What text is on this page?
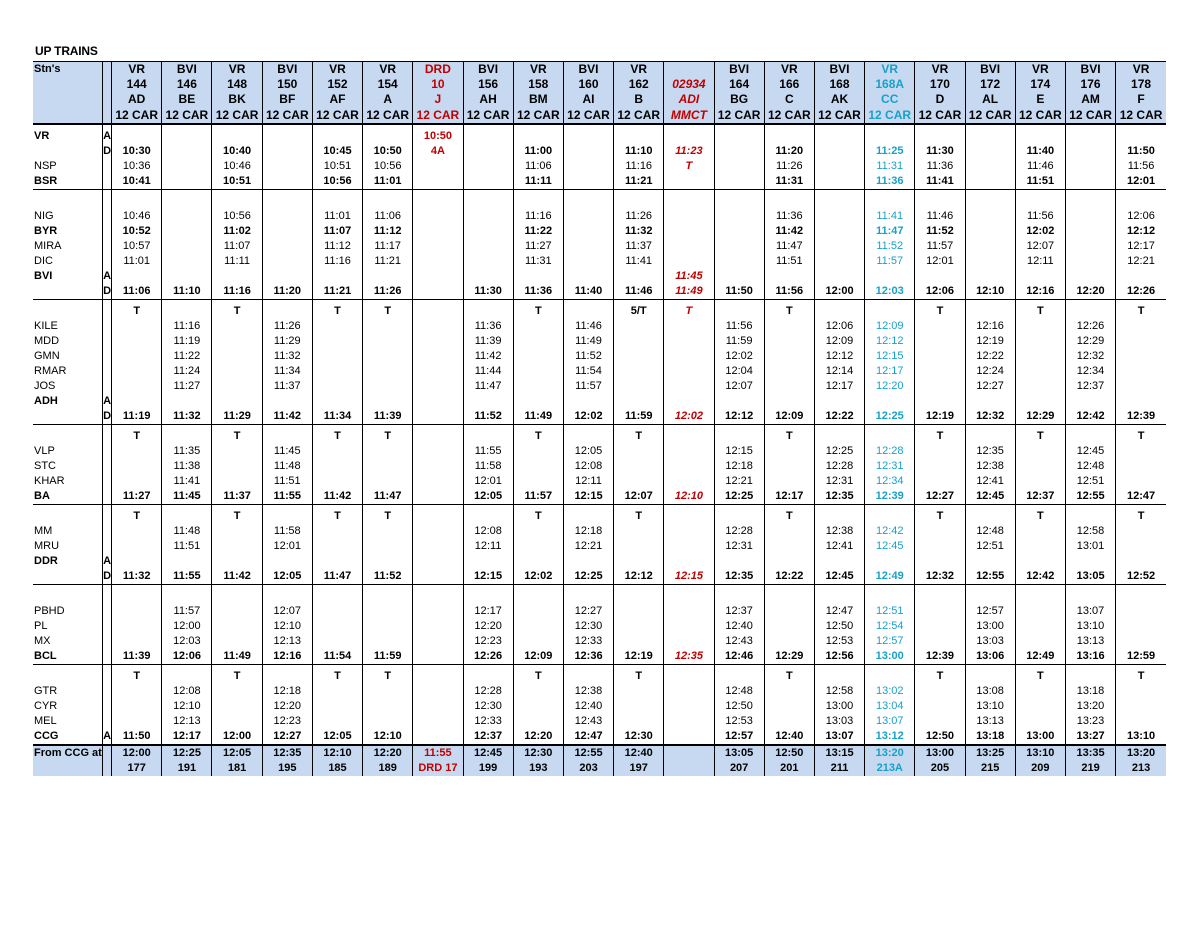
UP TRAINS
Stn's		VR	BVI	VR	BVI	VR	VR	DRD	BVI	VR	BVI	VR		BVI	VR	BVI	VR	VR	BVI	VR	BVI	VR
		144	146	148	150	152	154	10	156	158	160	162	02934	164	166	168	168A	170	172	174	176	178
		AD	BE	BK	BF	AF	A	J	AH	BM	AI	B	ADI	BG	C	AK	CC	D	AL	E	AM	F
		12 CAR	12 CAR	12 CAR	12 CAR	12 CAR	12 CAR	12 CAR	12 CAR	12 CAR	12 CAR	12 CAR	MMCT	12 CAR	12 CAR	12 CAR	12 CAR	12 CAR	12 CAR	12 CAR	12 CAR	12 CAR

VR	A							10:50														
	D	10:30		10:40		10:45	10:50	4A		11:00		11:10	11:23		11:20		11:25	11:30		11:40		11:50
NSP		10:36		10:46		10:51	10:56			11:06		11:16	T		11:26		11:31	11:36		11:46		11:56
BSR		10:41		10:51		10:56	11:01			11:11		11:21			11:31		11:36	11:41		11:51		12:01

NIG		10:46		10:56		11:01	11:06			11:16		11:26			11:36		11:41	11:46		11:56		12:06
BYR		10:52		11:02		11:07	11:12			11:22		11:32			11:42		11:47	11:52		12:02		12:12
MIRA		10:57		11:07		11:12	11:17			11:27		11:37			11:47		11:52	11:57		12:07		12:17
DIC		11:01		11:11		11:16	11:21			11:31		11:41			11:51		11:57	12:01		12:11		12:21
BVI	A												11:45									
	D	11:06	11:10	11:16	11:20	11:21	11:26		11:30	11:36	11:40	11:46	11:49	11:50	11:56	12:00	12:03	12:06	12:10	12:16	12:20	12:26

		T		T		T	T			T		5/T	T		T			T		T		T
KILE			11:16		11:26				11:36		11:46			11:56		12:06	12:09		12:16		12:26	
MDD			11:19		11:29				11:39		11:49			11:59		12:09	12:12		12:19		12:29	
GMN			11:22		11:32				11:42		11:52			12:02		12:12	12:15		12:22		12:32	
RMAR			11:24		11:34				11:44		11:54			12:04		12:14	12:17		12:24		12:34	
JOS			11:27		11:37				11:47		11:57			12:07		12:17	12:20		12:27		12:37	
ADH	A																					
	D	11:19	11:32	11:29	11:42	11:34	11:39		11:52	11:49	12:02	11:59	12:02	12:12	12:09	12:22	12:25	12:19	12:32	12:29	12:42	12:39

		T		T		T	T			T		T			T			T		T		T
VLP			11:35		11:45				11:55		12:05			12:15		12:25	12:28		12:35		12:45	
STC			11:38		11:48				11:58		12:08			12:18		12:28	12:31		12:38		12:48	
KHAR			11:41		11:51				12:01		12:11			12:21		12:31	12:34		12:41		12:51	
BA		11:27	11:45	11:37	11:55	11:42	11:47		12:05	11:57	12:15	12:07	12:10	12:25	12:17	12:35	12:39	12:27	12:45	12:37	12:55	12:47

		T		T		T	T			T		T			T			T		T		T
MM			11:48		11:58				12:08		12:18			12:28		12:38	12:42		12:48		12:58	
MRU			11:51		12:01				12:11		12:21			12:31		12:41	12:45		12:51		13:01	
DDR	A																					
	D	11:32	11:55	11:42	12:05	11:47	11:52		12:15	12:02	12:25	12:12	12:15	12:35	12:22	12:45	12:49	12:32	12:55	12:42	13:05	12:52

PBHD			11:57		12:07				12:17		12:27			12:37		12:47	12:51		12:57		13:07	
PL			12:00		12:10				12:20		12:30			12:40		12:50	12:54		13:00		13:10	
MX			12:03		12:13				12:23		12:33			12:43		12:53	12:57		13:03		13:13	
BCL		11:39	12:06	11:49	12:16	11:54	11:59		12:26	12:09	12:36	12:19	12:35	12:46	12:29	12:56	13:00	12:39	13:06	12:49	13:16	12:59

		T		T		T	T			T		T			T			T		T		T
GTR			12:08		12:18				12:28		12:38			12:48		12:58	13:02		13:08		13:18	
CYR			12:10		12:20				12:30		12:40			12:50		13:00	13:04		13:10		13:20	
MEL			12:13		12:23				12:33		12:43			12:53		13:03	13:07		13:13		13:23	
CCG	A	11:50	12:17	12:00	12:27	12:05	12:10		12:37	12:20	12:47	12:30		12:57	12:40	13:07	13:12	12:50	13:18	13:00	13:27	13:10
From CCG at		12:00	12:25	12:05	12:35	12:10	12:20	11:55	12:45	12:30	12:55	12:40		13:05	12:50	13:15	13:20	13:00	13:25	13:10	13:35	13:20
		177	191	181	195	185	189	DRD 17	199	193	203	197		207	201	211	213A	205	215	209	219	213
